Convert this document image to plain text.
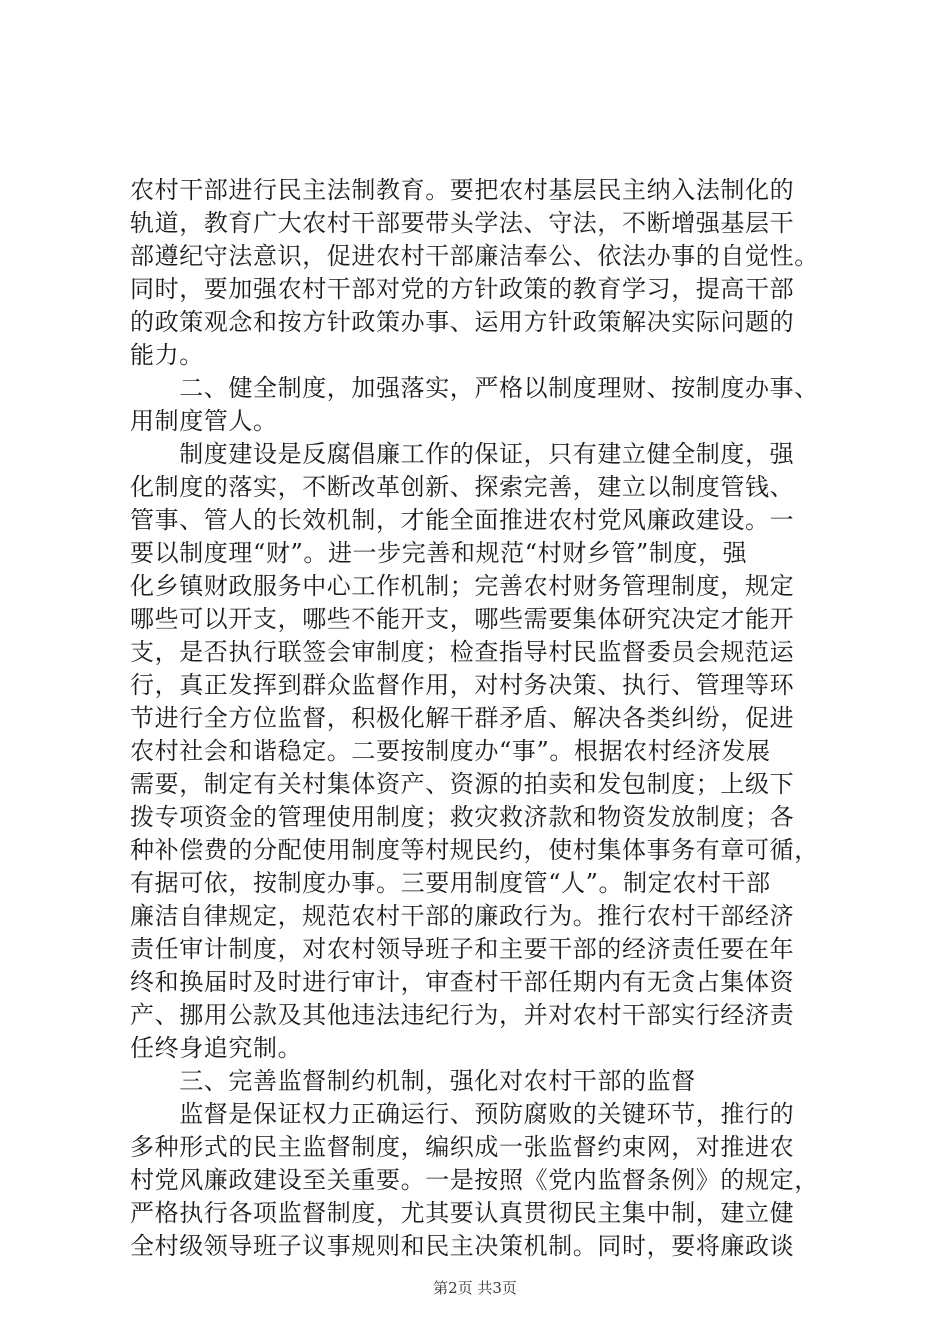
农村干部进行民主法制教育。要把农村基层民主纳入法制化的
轨道，教育广大农村干部要带头学法、守法，不断增强基层干
部遵纪守法意识，促进农村干部廉洁奉公、依法办事的自觉性。
同时，要加强农村干部对党的方针政策的教育学习，提高干部
的政策观念和按方针政策办事、运用方针政策解决实际问题的
能力。
　　二、健全制度，加强落实，严格以制度理财、按制度办事、
用制度管人。
　　制度建设是反腐倡廉工作的保证，只有建立健全制度，强
化制度的落实，不断改革创新、探索完善，建立以制度管钱、
管事、管人的长效机制，才能全面推进农村党风廉政建设。一
要以制度理“财”。进一步完善和规范“村财乡管”制度，强
化乡镇财政服务中心工作机制；完善农村财务管理制度，规定
哪些可以开支，哪些不能开支，哪些需要集体研究决定才能开
支，是否执行联签会审制度；检查指导村民监督委员会规范运
行，真正发挥到群众监督作用，对村务决策、执行、管理等环
节进行全方位监督，积极化解干群矛盾、解决各类纠纷，促进
农村社会和谐稳定。二要按制度办“事”。根据农村经济发展
需要，制定有关村集体资产、资源的拍卖和发包制度；上级下
拨专项资金的管理使用制度；救灾救济款和物资发放制度；各
种补偿费的分配使用制度等村规民约，使村集体事务有章可循，
有据可依，按制度办事。三要用制度管“人”。制定农村干部
廉洁自律规定，规范农村干部的廉政行为。推行农村干部经济
责任审计制度，对农村领导班子和主要干部的经济责任要在年
终和换届时及时进行审计，审查村干部任期内有无贪占集体资
产、挪用公款及其他违法违纪行为，并对农村干部实行经济责
任终身追究制。
　　三、完善监督制约机制，强化对农村干部的监督
　　监督是保证权力正确运行、预防腐败的关键环节，推行的
多种形式的民主监督制度，编织成一张监督约束网，对推进农
村党风廉政建设至关重要。一是按照《党内监督条例》的规定，
严格执行各项监督制度，尤其要认真贯彻民主集中制，建立健
全村级领导班子议事规则和民主决策机制。同时，要将廉政谈
第2页 共3页
